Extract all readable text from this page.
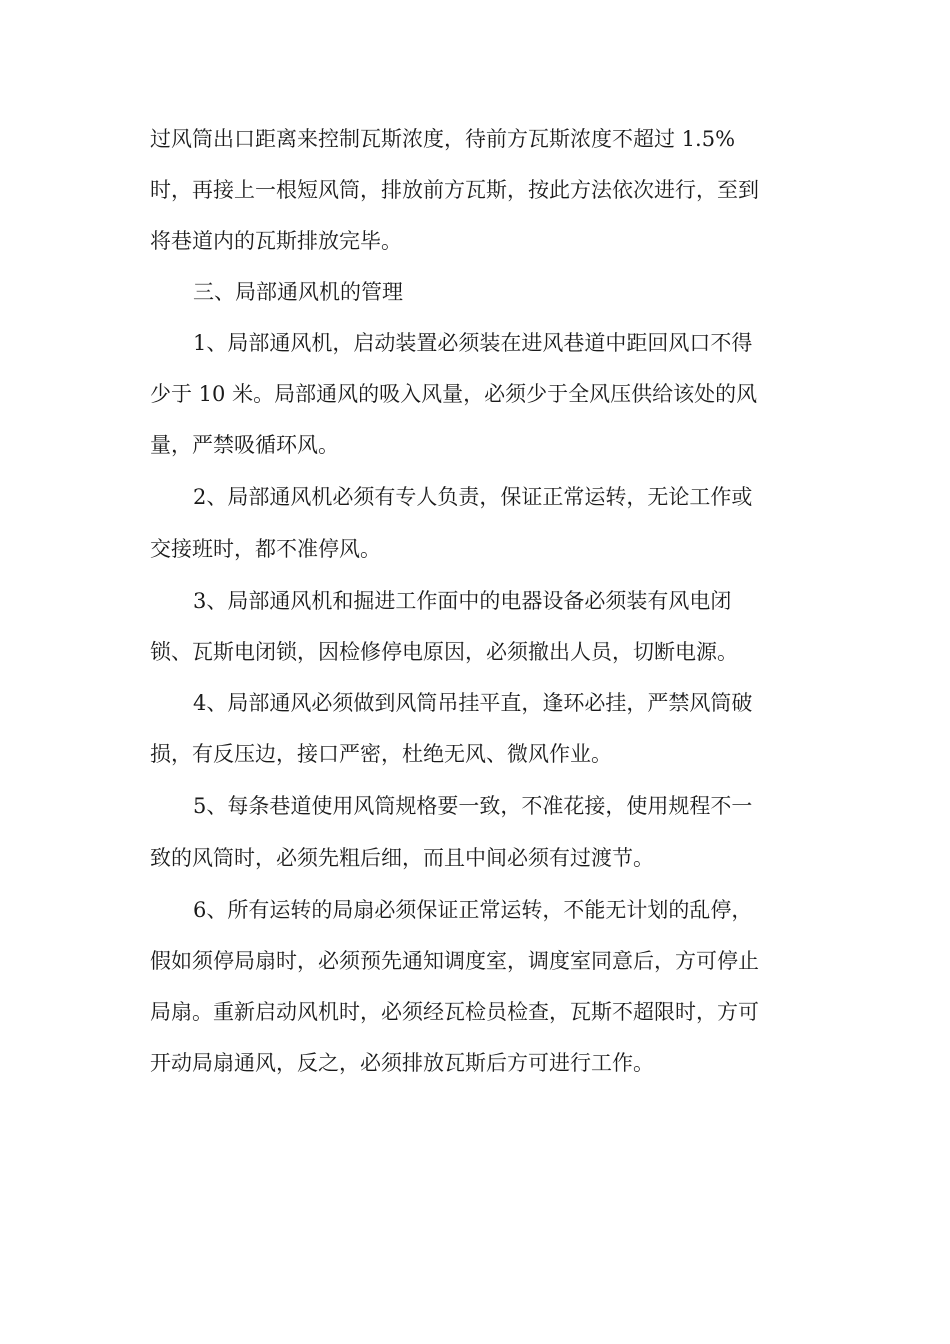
过风筒出口距离来控制瓦斯浓度，待前方瓦斯浓度不超过 1.5%
时，再接上一根短风筒，排放前方瓦斯，按此方法依次进行，至到
将巷道内的瓦斯排放完毕。
三、局部通风机的管理
1、局部通风机，启动装置必须装在进风巷道中距回风口不得
少于 10 米。局部通风的吸入风量，必须少于全风压供给该处的风
量，严禁吸循环风。
2、局部通风机必须有专人负责，保证正常运转，无论工作或
交接班时，都不准停风。
3、局部通风机和掘进工作面中的电器设备必须装有风电闭
锁、瓦斯电闭锁，因检修停电原因，必须撤出人员，切断电源。
4、局部通风必须做到风筒吊挂平直，逢环必挂，严禁风筒破
损，有反压边，接口严密，杜绝无风、微风作业。
5、每条巷道使用风筒规格要一致，不准花接，使用规程不一
致的风筒时，必须先粗后细，而且中间必须有过渡节。
6、所有运转的局扇必须保证正常运转，不能无计划的乱停，
假如须停局扇时，必须预先通知调度室，调度室同意后，方可停止
局扇。重新启动风机时，必须经瓦检员检查，瓦斯不超限时，方可
开动局扇通风，反之，必须排放瓦斯后方可进行工作。
